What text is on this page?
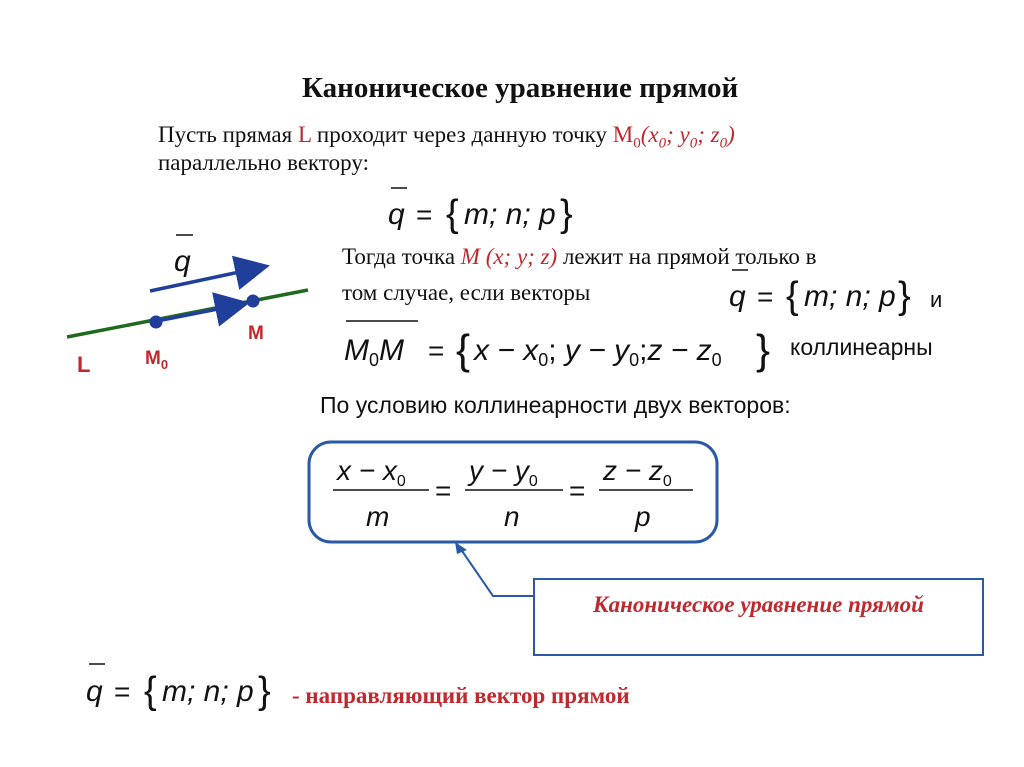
Каноническое уравнение прямой
Пусть прямая L проходит через данную точку $M_0(x_0$; $y_0$; $z_0$)
параллельно вектору:
q = { m; n; p }
q
L	$M_0$
M
Тогда точка M (x; y; z) лежит на прямой только в
том случае, если векторы	q = { m; n; p } и
$M_0M$ = { $x - x_0$; $y - y_0;z - z_0$ } коллинеарны
По условию коллинеарности двух векторов:
$x - x_0$
m
=
$y - y_0$
n
=
$z - z_0$
p
Каноническое уравнение прямой
q = { m; n; p } - направляющий вектор прямой
